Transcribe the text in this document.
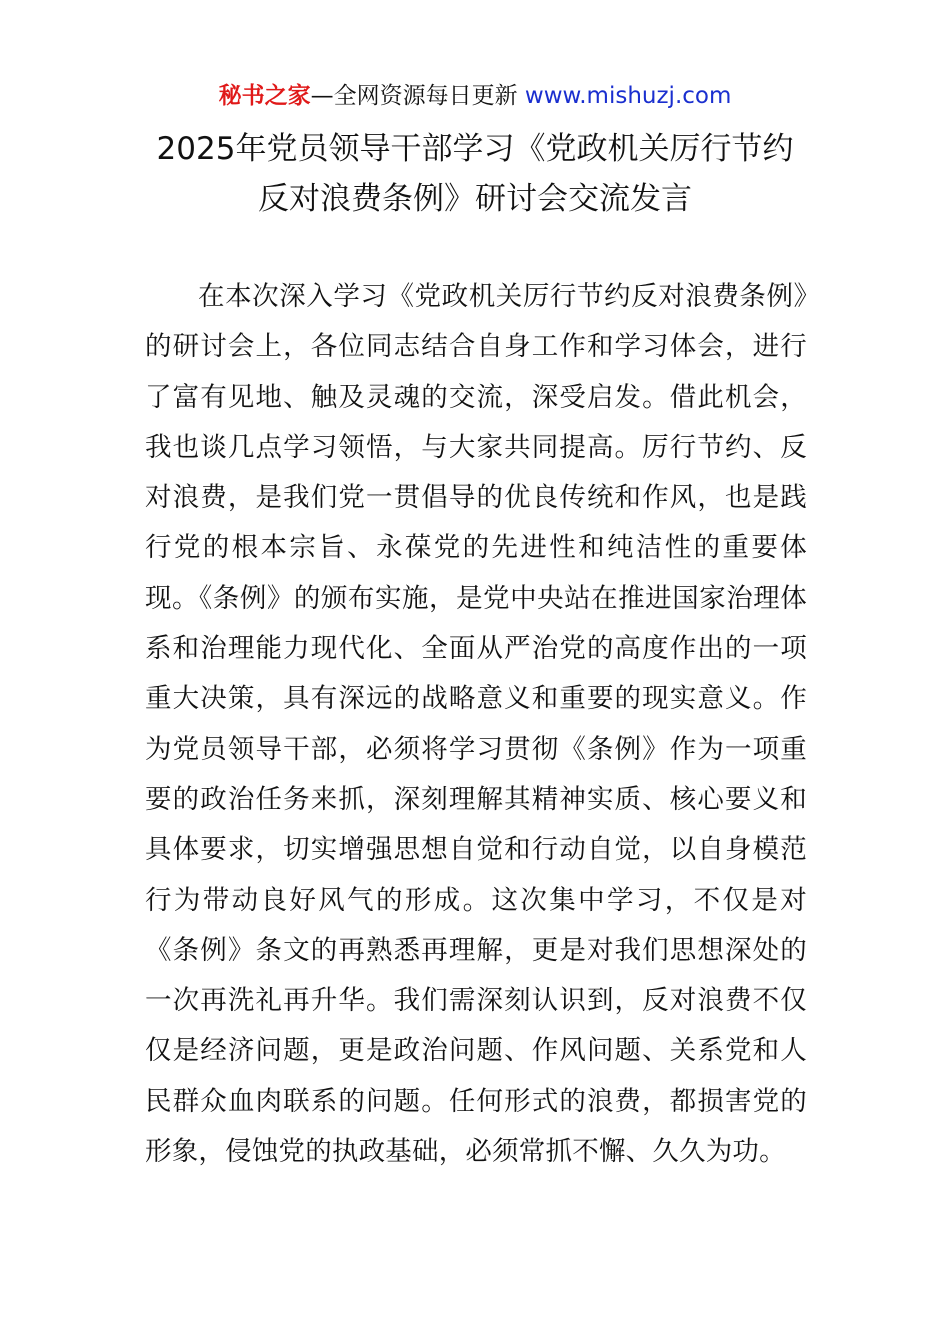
秘书之家—全网资源每日更新 www.mishuzj.com
2025年党员领导干部学习《党政机关厉行节约
反对浪费条例》研讨会交流发言

在本次深入学习《党政机关厉行节约反对浪费条例》的研讨会上，各位同志结合自身工作和学习体会，进行了富有见地、触及灵魂的交流，深受启发。借此机会，我也谈几点学习领悟，与大家共同提高。厉行节约、反对浪费，是我们党一贯倡导的优良传统和作风，也是践行党的根本宗旨、永葆党的先进性和纯洁性的重要体现。《条例》的颁布实施，是党中央站在推进国家治理体系和治理能力现代化、全面从严治党的高度作出的一项重大决策，具有深远的战略意义和重要的现实意义。作为党员领导干部，必须将学习贯彻《条例》作为一项重要的政治任务来抓，深刻理解其精神实质、核心要义和具体要求，切实增强思想自觉和行动自觉，以自身模范行为带动良好风气的形成。这次集中学习，不仅是对《条例》条文的再熟悉再理解，更是对我们思想深处的一次再洗礼再升华。我们需深刻认识到，反对浪费不仅仅是经济问题，更是政治问题、作风问题、关系党和人民群众血肉联系的问题。任何形式的浪费，都损害党的形象，侵蚀党的执政基础，必须常抓不懈、久久为功。
